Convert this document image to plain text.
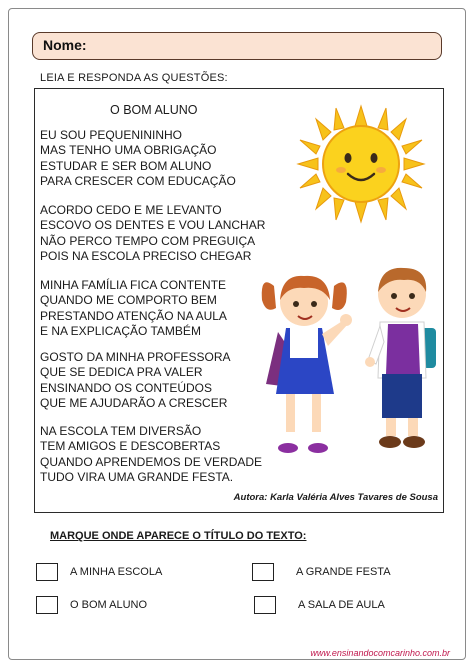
Nome:
LEIA E RESPONDA AS QUESTÕES:
O BOM ALUNO
EU SOU PEQUENININHO
MAS TENHO UMA OBRIGAÇÃO
ESTUDAR E SER BOM ALUNO
PARA CRESCER COM EDUCAÇÃO
ACORDO CEDO E ME LEVANTO
ESCOVO OS DENTES E VOU LANCHAR
NÃO PERCO TEMPO COM PREGUIÇA
POIS NA ESCOLA PRECISO CHEGAR
MINHA FAMÍLIA FICA CONTENTE
QUANDO ME COMPORTO BEM
PRESTANDO ATENÇÃO NA AULA
E NA EXPLICAÇÃO TAMBÉM
GOSTO DA MINHA PROFESSORA
QUE SE DEDICA PRA VALER
ENSINANDO OS CONTEÚDOS
QUE ME AJUDARÃO A CRESCER
NA ESCOLA TEM DIVERSÃO
TEM AMIGOS E DESCOBERTAS
QUANDO APRENDEMOS DE VERDADE
TUDO VIRA UMA GRANDE FESTA.
Autora: Karla Valéria Alves Tavares de Sousa
MARQUE ONDE APARECE O TÍTULO DO TEXTO:
A MINHA ESCOLA	A GRANDE FESTA
O BOM ALUNO	A SALA DE AULA
www.ensinandocomcarinho.com.br
